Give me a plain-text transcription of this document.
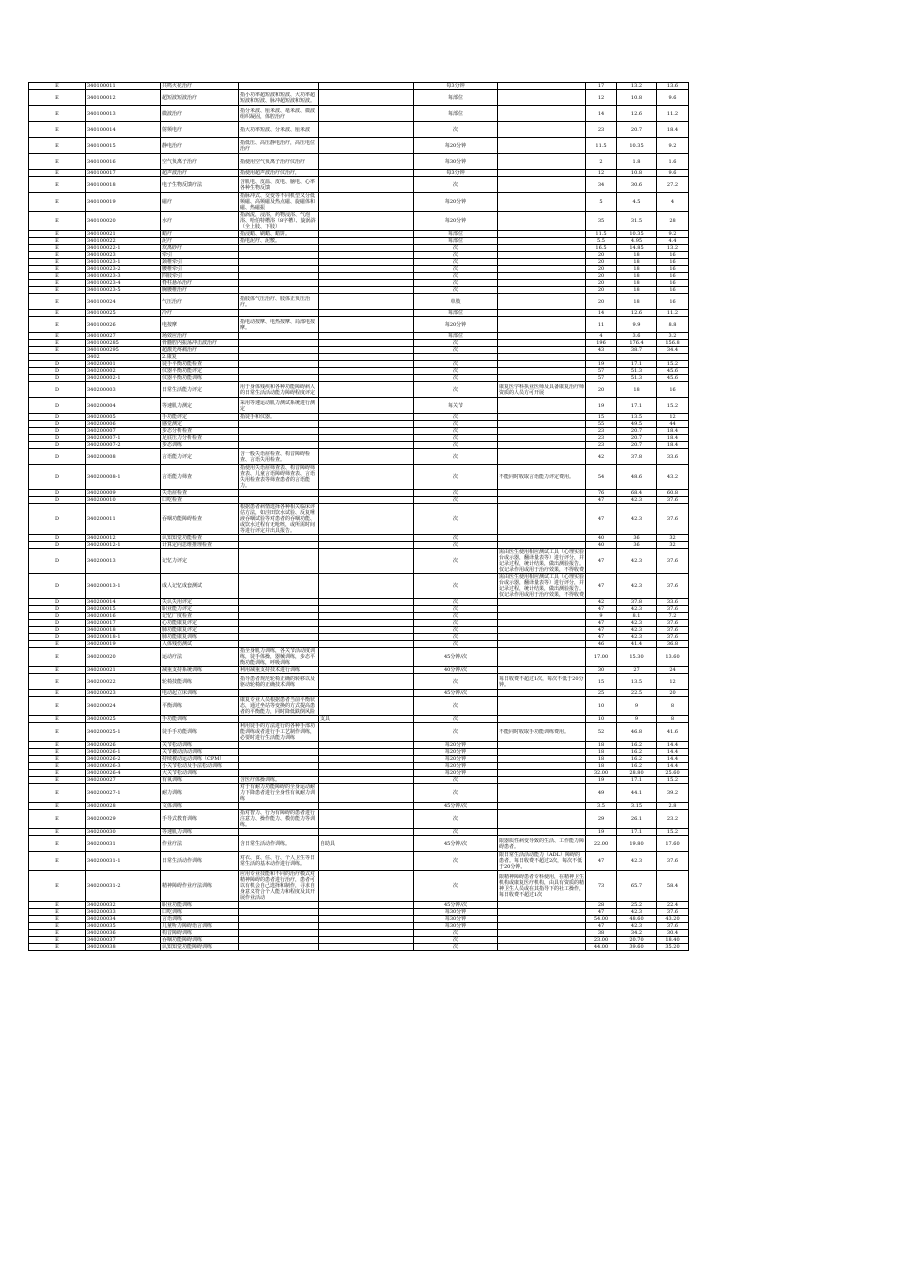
E	340100011	共鸣火花治疗			每3分钟		17	13.2	13.6
E	340100012	超短波短波治疗	指小功率超短波和短波、大功率超短波和短波、脉冲超短波和短波。		每部位		12	10.8	9.6
E	340100013	微波治疗	指分米波、厘米波、毫米波、微波组织凝固，体腔治疗		每部位		14	12.6	11.2
E	340100014	射频电疗	指大功率短波、分米波、厘米波		次		23	20.7	18.4
E	340100015	静电治疗	指低压、高压静电治疗，高压电位治疗		每20分钟		11.5	10.35	9.2
E	340100016	空气负离子治疗	指使用空气负离子治疗仪治疗		每30分钟		2	1.8	1.6
E	340100017	超声波治疗	指使用超声波治疗仪治疗，		每3分钟		12	10.8	9.6
E	340100018	电子生物反馈疗法	含肌电、皮温、皮电、脑电、心率各种生物反馈		次		34	30.6	27.2
E	340100019	磁疗	指脉冲式、交变等不同机型又分低频磁、高频磁及热点磁、旋磁体和磁、热磁振		每20分钟		5	4.5	4
E	340100020	水疗	指涡流，浸浴，药物浸浴、气泡浴、哈伯特槽浴（8字槽）、旋涡浴（全上肢、下肢）		每20分钟		35	31.5	28
E	340100021	蜡疗	指浸蜡、刷蜡、蜡饼。		每部位		11.5	10.35	9.2
E	340100022	泥疗	指电泥疗、泥敷。		每部位		5.5	4.95	4.4
E	340100022-1	坎离砂疗			次		16.5	14.85	13.2
E	340100023	牵引			次		20	18	16
E	340100023-1	颈椎牵引			次		20	18	16
E	340100023-2	腰椎牵引			次		20	18	16
E	340100023-3	四肢牵引			次		20	18	16
E	340100023-4	脊柱悬吊治疗			次		20	18	16
E	340100023-5	胸腰椎治疗			次		20	18	16
E	340100024	气压治疗	指肢体气压治疗、肢体正负压治疗。		单肢		20	18	16
E	340100025	冷疗			每部位		14	12.6	11.2
E	340100026	电按摩	指电动按摩、电热按摩、局部电按摩。		每20分钟		11	9.9	8.8
E	340100027	场效应治疗			每部位		4	3.6	3.2
E	3401000285	骨髓腔内振荡冲击波治疗			次		196	176.4	156.8
E	3401000295	超激光疼痛治疗			次		43	38.7	34.4
	3402	2.康复							
D	340200001	徒手平衡功能检查			次		19	17.1	15.2
D	340200002	仪器平衡功能评定			次		57	51.3	45.6
D	340200002-1	仪器平衡功能训练			次		57	51.3	45.6
D	340200003	日常生活能力评定	用于身体残疾和各种功能障碍病人的日常生活活动能力障碍程度评定		次	康复医学科执业医师及具备康复治疗师资质的人员方可开展	20	18	16
D	340200004	等速肌力测定	采用等速运动肌力测试系统进行测定		每关节		19	17.1	15.2
D	340200005	手功能评定	指徒手和仪器。		次		15	13.5	12
D	340200006	感觉测定			次		55	49.5	44
D	340200007	步态分析检查			次		23	20.7	18.4
D	340200007-1	足底压力分析检查			次		23	20.7	18.4
D	340200007-2	步态训练			次		23	20.7	18.4
D	340200008	言语能力评定	含一般失语症检查、构音障碍检查、言语失用检查。		次		42	37.8	33.6
D	340200008-1	言语能力筛查	指使用失语症筛查表、构音障碍筛查表、儿童言语障碍筛查表、言语失用检查表等筛查患者的言语能力。		次	不能同时收取言语能力评定费用。	54	48.6	43.2
D	340200009	失语症检查			次		76	68.4	60.8
D	340200010	口吃检查			次		47	42.3	37.6
D	340200011	吞咽功能障碍检查	根据患者病情选择各种相关临床评估方法，如洼田饮水试验、反复唾液吞咽试验等对患者的吞咽功能、或饮水过程有无呛咳，或所需时间等进行评定并出具报告。		次		47	42.3	37.6
D	340200012	认知知觉功能检查			次		40	36	32
D	340200012-1	计算定向思维推理检查			次		40	36	32
D	340200013	记忆力评定			次	需由医生使用相应测试工具（心理实验台或示器，翻译量表等）进行评分，并记录过程，统计结果，做出测验报告。仅记录作用或用于治疗效果，不得收费	47	42.3	37.6
D	340200013-1	成人记忆成套测试			次	需由医生使用相应测试工具（心理实验台或示器，翻译量表等）进行评分，并记录过程，统计结果，做出测验报告。仅记录作用或用于治疗效果，不得收费	47	42.3	37.6
D	340200014	失认失用评定			次		42	37.8	33.6
D	340200015	职业能力评定			次		47	42.3	37.6
D	340200016	记忆广度检查			次		9	8.1	7.2
D	340200017	心功能康复评定			次		47	42.3	37.6
D	340200018	肺功能康复评定			次		47	42.3	37.6
D	340200018-1	肺功能康复训练			次		47	42.3	37.6
E	340200019	人体残伤测试			次		46	41.4	36.8
E	340200020	运动疗法	指全身肌力训练，各关节活动度训练，徒手体操，器械训练，步态平衡功能训练，呼吸训练		45分钟/次		17.00	15.30	13.60
E	340200021	减重支持系统训练	利用减重支持技术进行训练		40分钟/次		30	27	24
E	340200022	轮椅技能训练	指导患者规范轮椅正确的转移以及驱动轮椅的正确技术训练		次	每日收费不超过1次，每次不低于20分钟。	15	13.5	12
E	340200023	电动起立床训练			45分钟/次		25	22.5	20
E	340200024	平衡训练	康复专业人员根据患者当前平衡状态，通过坐站等变换的方式提高患者的平衡能力，同时降低跌倒风险		次		10	9	8
E	340200025	手功能训练		支具	次		10	9	8
E	340200025-1	徒手手功能训练	利用徒手的方法进行的各种手部功能训练或者进行手工艺制作训练，必要时进行生活能力训练		次	不能同时收取手功能训练费用。	52	46.8	41.6
E	340200026	关节松动训练			每20分钟		18	16.2	14.4
E	340200026-1	关节被动活动训练			每20分钟		18	16.2	14.4
E	340200026-2	持续被动运动训练（CPM）			每20分钟		18	16.2	14.4
E	340200026-3	小关节松动及手法松动训练			每20分钟		18	16.2	14.4
E	340200026-4	大关节松动训练			每20分钟		32.00	28.80	25.60
E	340200027	有氧训练	含医疗体操训练。		次		19	17.1	15.2
E	340200027-1	耐力训练	对于有耐力功能障碍的全身运动耐力下降患者进行全身性有氧耐力训练		次		49	44.1	39.2
E	340200028	文体训练			45分钟/次		3.5	3.15	2.8
E	340200029	手导式教育训练	指对智力、行为有障碍的患者进行注意力、操作能力、模仿能力等训练。		次		29	26.1	23.2
E	340200030	等速肌力训练			次		19	17.1	15.2
E	340200031	作业疗法	含日常生活动作训练。	自助具	45分钟/次	限器质性病变导致的生活、工作能力障碍患者。	22.00	19.80	17.60
E	340200031-1	日常生活动作训练	对衣、食、住、行、个人卫生等日常生活的基本动作进行训练。		次	限日常生活活动能力（ADL）障碍的患者。每日收费不超过2次，每次不低于20分钟。	47	42.3	37.6
E	340200031-2	精神障碍作业疗法训练	应用专业技能和不同的治疗模式对精神障碍的患者进行治疗，患者可以有机会自己选择和制作，寻求自身意义符合个人能力和程度及其开展作业活动		次	限精神障碍患者专科使用，在精神卫生机构或康复医疗机构，由具有资质的精神卫生人员或在其指导下的社工操作，每日收费不超过1次	73	65.7	58.4
E	340200032	职业功能训练			45分钟/次		28	25.2	22.4
E	340200033	口吃训练			每30分钟		47	42.3	37.6
E	340200034	言语训练			每30分钟		54.00	48.60	43.20
E	340200035	儿童听力障碍语言训练			每30分钟		47	42.3	37.6
E	340200036	构音障碍训练			次		38	34.2	30.4
E	340200037	吞咽功能障碍训练			次		23.00	20.70	18.40
E	340200038	认知知觉功能障碍训练			次		44.00	39.60	35.20
